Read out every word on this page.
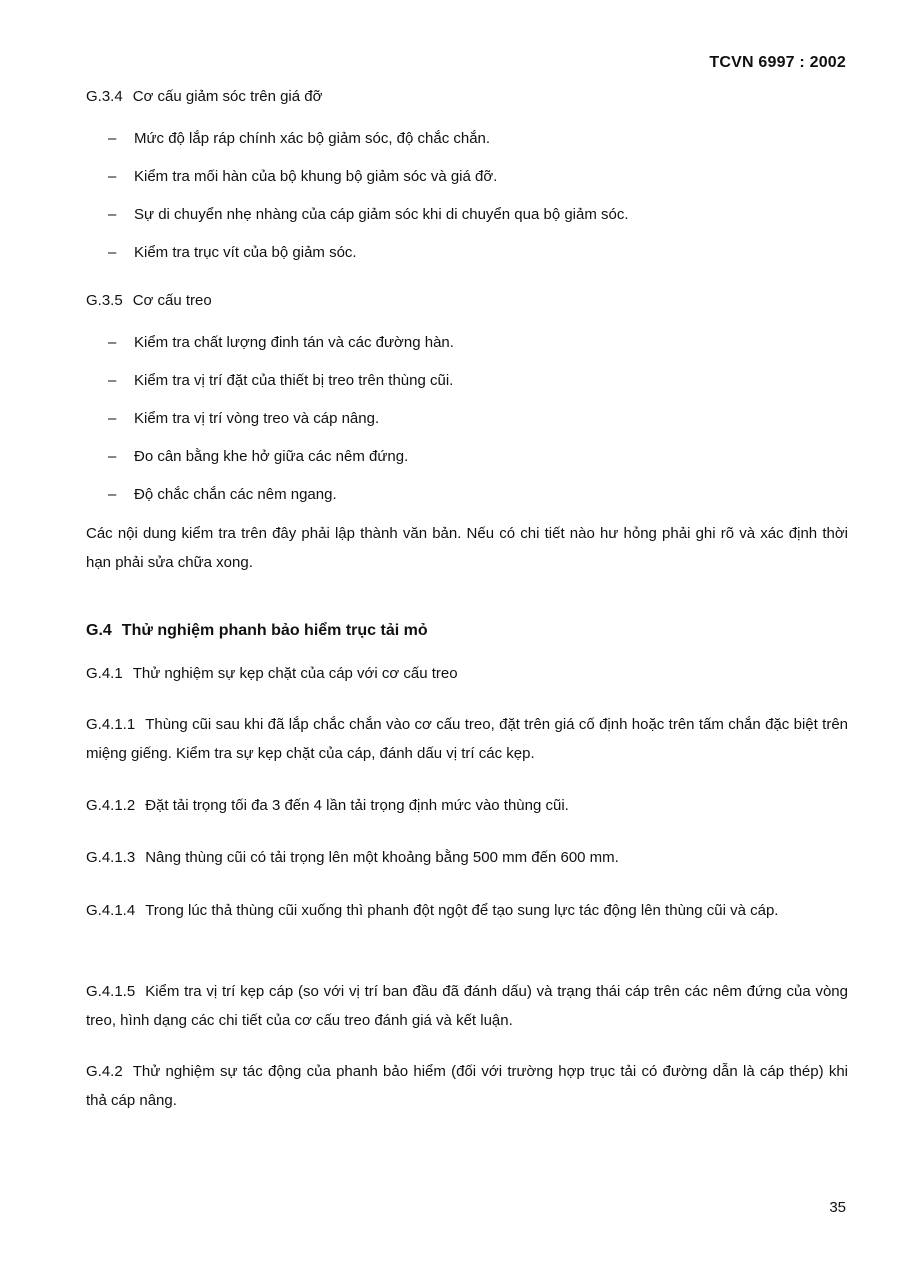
TCVN 6997 : 2002
G.3.4 Cơ cấu giảm sóc trên giá đỡ
– Mức độ lắp ráp chính xác bộ giảm sóc, độ chắc chắn.
– Kiểm tra mối hàn của bộ khung bộ giảm sóc và giá đỡ.
– Sự di chuyển nhẹ nhàng của cáp giảm sóc khi di chuyển qua bộ giảm sóc.
– Kiểm tra trục vít của bộ giảm sóc.
G.3.5 Cơ cấu treo
– Kiểm tra chất lượng đinh tán và các đường hàn.
– Kiểm tra vị trí đặt của thiết bị treo trên thùng cũi.
– Kiểm tra vị trí vòng treo và cáp nâng.
– Đo cân bằng khe hở giữa các nêm đứng.
– Độ chắc chắn các nêm ngang.
Các nội dung kiểm tra trên đây phải lập thành văn bản. Nếu có chi tiết nào hư hỏng phải ghi rõ và xác định thời hạn phải sửa chữa xong.
G.4 Thử nghiệm phanh bảo hiểm trục tải mỏ
G.4.1 Thử nghiệm sự kẹp chặt của cáp với cơ cấu treo
G.4.1.1 Thùng cũi sau khi đã lắp chắc chắn vào cơ cấu treo, đặt trên giá cố định hoặc trên tấm chắn đặc biệt trên miệng giếng. Kiểm tra sự kẹp chặt của cáp, đánh dấu vị trí các kẹp.
G.4.1.2 Đặt tải trọng tối đa 3 đến 4 lần tải trọng định mức vào thùng cũi.
G.4.1.3 Nâng thùng cũi có tải trọng lên một khoảng bằng 500 mm đến 600 mm.
G.4.1.4 Trong lúc thả thùng cũi xuống thì phanh đột ngột để tạo sung lực tác động lên thùng cũi và cáp.
G.4.1.5 Kiểm tra vị trí kẹp cáp (so với vị trí ban đầu đã đánh dấu) và trạng thái cáp trên các nêm đứng của vòng treo, hình dạng các chi tiết của cơ cấu treo đánh giá và kết luận.
G.4.2 Thử nghiệm sự tác động của phanh bảo hiểm (đối với trường hợp trục tải có đường dẫn là cáp thép) khi thả cáp nâng.
35
